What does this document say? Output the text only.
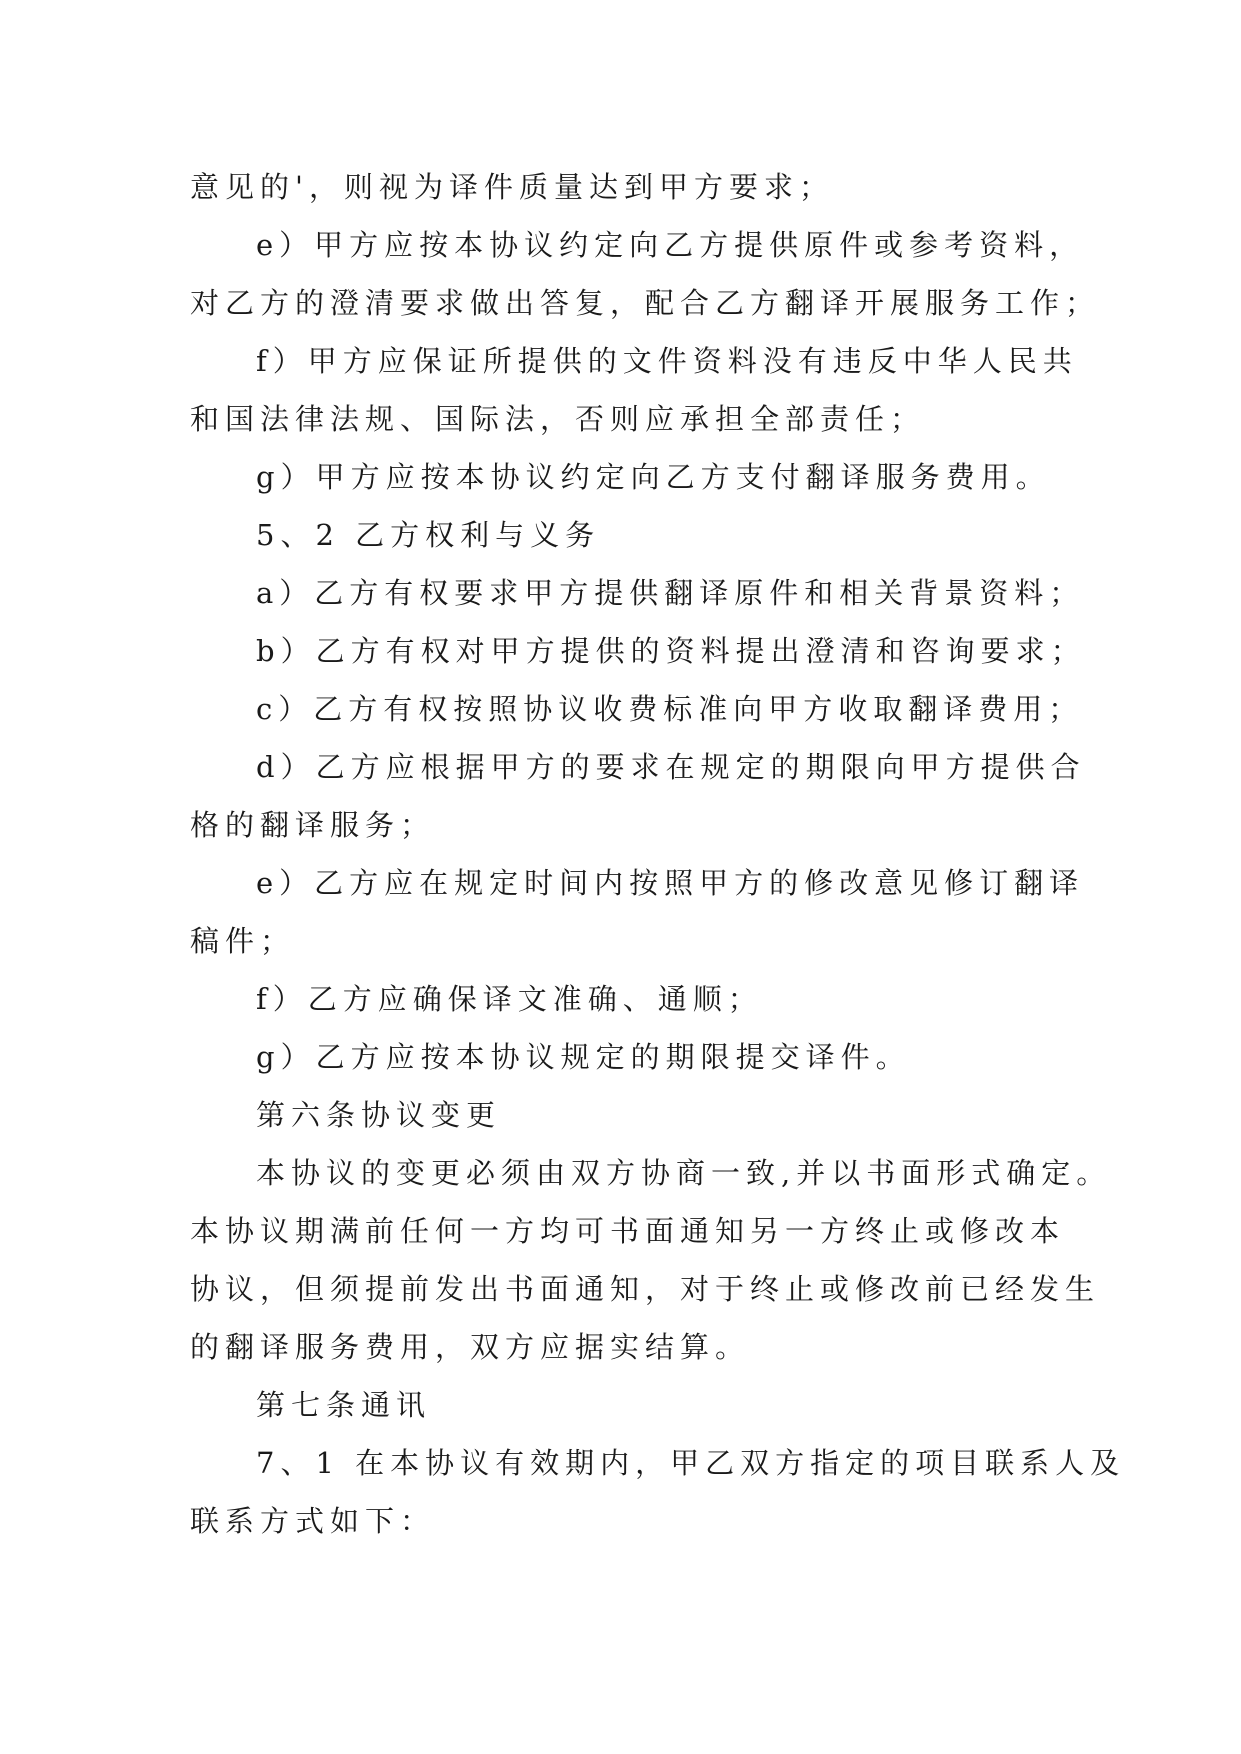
意见的'，则视为译件质量达到甲方要求；

e）甲方应按本协议约定向乙方提供原件或参考资料，

对乙方的澄清要求做出答复，配合乙方翻译开展服务工作；

f）甲方应保证所提供的文件资料没有违反中华人民共

和国法律法规、国际法，否则应承担全部责任；

g）甲方应按本协议约定向乙方支付翻译服务费用。

5、2 乙方权利与义务

a）乙方有权要求甲方提供翻译原件和相关背景资料；

b）乙方有权对甲方提供的资料提出澄清和咨询要求；

c）乙方有权按照协议收费标准向甲方收取翻译费用；

d）乙方应根据甲方的要求在规定的期限向甲方提供合

格的翻译服务；

e）乙方应在规定时间内按照甲方的修改意见修订翻译

稿件；

f）乙方应确保译文准确、通顺；

g）乙方应按本协议规定的期限提交译件。

第六条协议变更

本协议的变更必须由双方协商一致,并以书面形式确定。

本协议期满前任何一方均可书面通知另一方终止或修改本

协议，但须提前发出书面通知，对于终止或修改前已经发生

的翻译服务费用，双方应据实结算。

第七条通讯

7、1 在本协议有效期内，甲乙双方指定的项目联系人及

联系方式如下：
